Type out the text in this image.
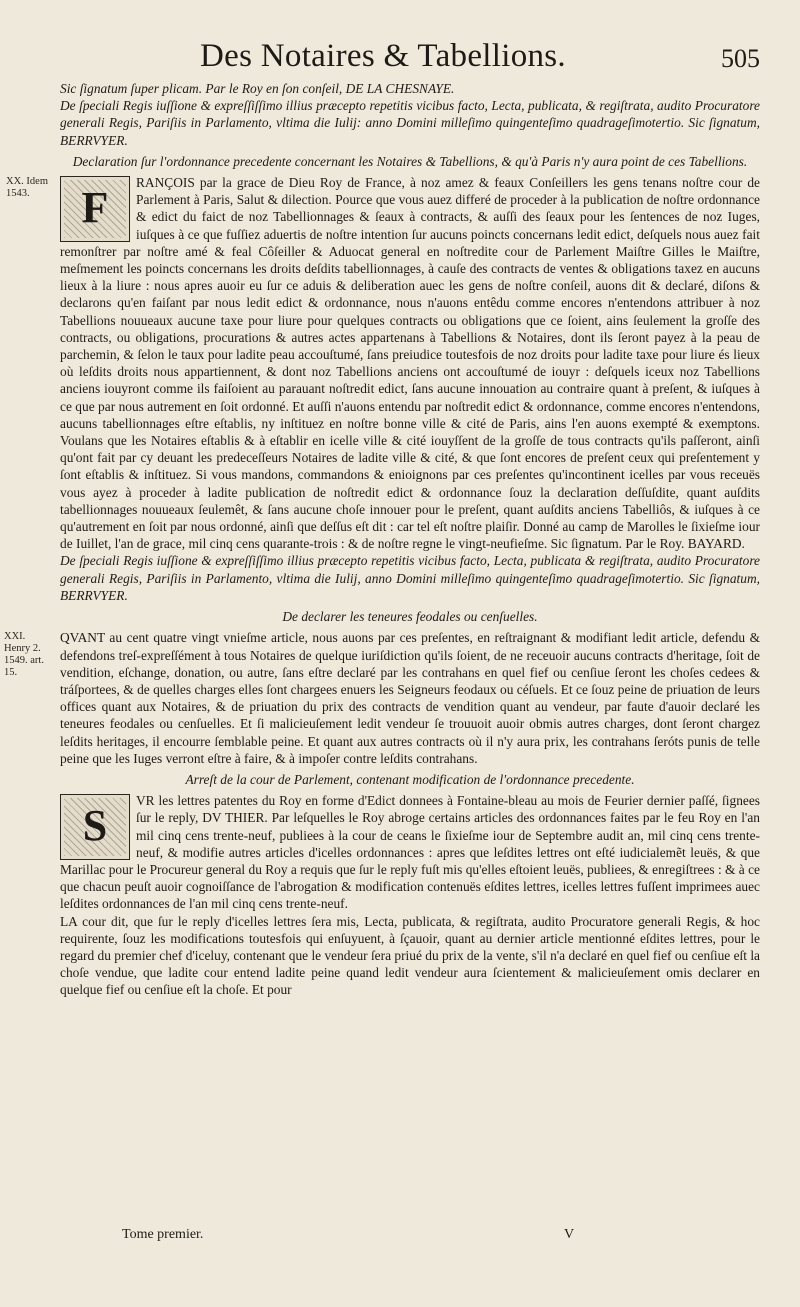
Des Notaires & Tabellions.	505

Sic ſignatum ſuper plicam. Par le Roy en ſon conſeil, DE LA CHESNAYE.

De ſpeciali Regis iuſſione & expreſſiſſimo illius præcepto repetitis vicibus facto, Lecta, publicata, & regiſtrata, audito Procuratore generali Regis, Pariſiis in Parlamento, vltima die Iulij: anno Domini milleſimo quingenteſimo quadrageſimotertio. Sic ſignatum, BERRVYER.

Declaration ſur l'ordonnance precedente concernant les Notaires & Tabellions, & qu'à Paris n'y aura point de ces Tabellions.

XX. Idem 1543.	F

RANÇOIS par la grace de Dieu Roy de France, à noz amez & feaux Conſeillers les gens tenans noſtre cour de Parlement à Paris, Salut & dilection. Pource que vous auez differé de proceder à la publication de noſtre ordonnance & edict du faict de noz Tabellionnages & ſeaux à contracts, & auſſi des ſeaux pour les ſentences de noz Iuges, iuſques à ce que fuſſiez aduertis de noſtre intention ſur aucuns poincts concernans ledit edict, deſquels nous auez fait remonſtrer par noſtre amé & feal Côſeiller & Aduocat general en noſtredite cour de Parlement Maiſtre Gilles le Maiſtre, meſmement les poincts concernans les droits deſdits tabellionnages, à cauſe des contracts de ventes & obligations taxez en aucuns lieux à la liure : nous apres auoir eu ſur ce aduis & deliberation auec les gens de noſtre conſeil, auons dit & declaré, diſons & declarons qu'en faiſant par nous ledit edict & ordonnance, nous n'auons entêdu comme encores n'entendons attribuer à noz Tabellions nouueaux aucune taxe pour liure pour quelques contracts ou obligations que ce ſoient, ains ſeulement la groſſe des contracts, ou obligations, procurations & autres actes appartenans à Tabellions & Notaires, dont ils ſeront payez à la peau de parchemin, & ſelon le taux pour ladite peau accouſtumé, ſans preiudice toutesfois de noz droits pour ladite taxe pour liure és lieux où leſdits droits nous appartiennent, & dont noz Tabellions anciens ont accouſtumé de iouyr : deſquels iceux noz Tabellions anciens iouyront comme ils faiſoient au parauant noſtredit edict, ſans aucune innouation au contraire quant à preſent, & iuſques à ce que par nous autrement en ſoit ordonné. Et auſſi n'auons entendu par noſtredit edict & ordonnance, comme encores n'entendons, aucuns tabellionnages eſtre eſtablis, ny inſtituez en noſtre bonne ville & cité de Paris, ains l'en auons exempté & exemptons. Voulans que les Notaires eſtablis & à eſtablir en icelle ville & cité iouyſſent de la groſſe de tous contracts qu'ils paſſeront, ainſi qu'ont fait par cy deuant les predeceſſeurs Notaires de ladite ville & cité, & que ſont encores de preſent ceux qui preſentement y ſont eſtablis & inſtituez. Si vous mandons, commandons & enioignons par ces preſentes qu'incontinent icelles par vous receuës vous ayez à proceder à ladite publication de noſtredit edict & ordonnance ſouz la declaration deſſuſdite, quant auſdits tabellionnages nouueaux ſeulemêt, & ſans aucune choſe innouer pour le preſent, quant auſdits anciens Tabelliôs, & iuſques à ce qu'autrement en ſoit par nous ordonné, ainſi que deſſus eſt dit : car tel eſt noſtre plaiſir. Donné au camp de Marolles le ſixieſme iour de Iuillet, l'an de grace, mil cinq cens quarante-trois : & de noſtre regne le vingt-neufieſme. Sic ſignatum. Par le Roy. BAYARD.

De ſpeciali Regis iuſſione & expreſſiſſimo illius præcepto repetitis vicibus facto, Lecta, publicata & regiſtrata, audito Procuratore generali Regis, Pariſiis in Parlamento, vltima die Iulij, anno Domini milleſimo quingenteſimo quadrageſimotertio. Sic ſignatum, BERRVYER.

De declarer les teneures feodales ou cenſuelles.

XXI. Henry 2. 1549. art. 15.

QVANT au cent quatre vingt vnieſme article, nous auons par ces preſentes, en reſtraignant & modifiant ledit article, defendu & defendons treſ-expreſſément à tous Notaires de quelque iuriſdiction qu'ils ſoient, de ne receuoir aucuns contracts d'heritage, ſoit de vendition, eſchange, donation, ou autre, ſans eſtre declaré par les contrahans en quel fief ou cenſiue ſeront les choſes cedees & tráſportees, & de quelles charges elles ſont chargees enuers les Seigneurs feodaux ou céſuels. Et ce ſouz peine de priuation de leurs offices quant aux Notaires, & de priuation du prix des contracts de vendition quant au vendeur, par faute d'auoir declaré les teneures feodales ou cenſuelles. Et ſi malicieuſement ledit vendeur ſe trouuoit auoir obmis autres charges, dont ſeront chargez leſdits heritages, il encourre ſemblable peine. Et quant aux autres contracts où il n'y aura prix, les contrahans ſeróts punis de telle peine que les Iuges verront eſtre à faire, & à impoſer contre leſdits contrahans.

Arreſt de la cour de Parlement, contenant modification de l'ordonnance precedente.

S

VR les lettres patentes du Roy en forme d'Edict donnees à Fontaine-bleau au mois de Feurier dernier paſſé, ſignees ſur le reply, DV THIER. Par leſquelles le Roy abroge certains articles des ordonnances faites par le feu Roy en l'an mil cinq cens trente-neuf, publiees à la cour de ceans le ſixieſme iour de Septembre audit an, mil cinq cens trente-neuf, & modifie autres articles d'icelles ordonnances : apres que leſdites lettres ont eſté iudicialemẽt leuës, & que Marillac pour le Procureur general du Roy a requis que ſur le reply fuſt mis qu'elles eſtoient leuës, publiees, & enregiſtrees : & à ce que chacun peuſt auoir cognoiſſance de l'abrogation & modification contenuës eſdites lettres, icelles lettres fuſſent imprimees auec leſdites ordonnances de l'an mil cinq cens trente-neuf.

LA cour dit, que ſur le reply d'icelles lettres ſera mis, Lecta, publicata, & regiſtrata, audito Procuratore generali Regis, & hoc requirente, ſouz les modifications toutesfois qui enſuyuent, à ſçauoir, quant au dernier article mentionné eſdites lettres, pour le regard du premier chef d'iceluy, contenant que le vendeur ſera priué du prix de la vente, s'il n'a declaré en quel fief ou cenſiue eſt la choſe vendue, que ladite cour entend ladite peine quand ledit vendeur aura ſcientement & malicieuſement omis declarer en quelque fief ou cenſiue eſt la choſe. Et pour

Tome premier.	V
